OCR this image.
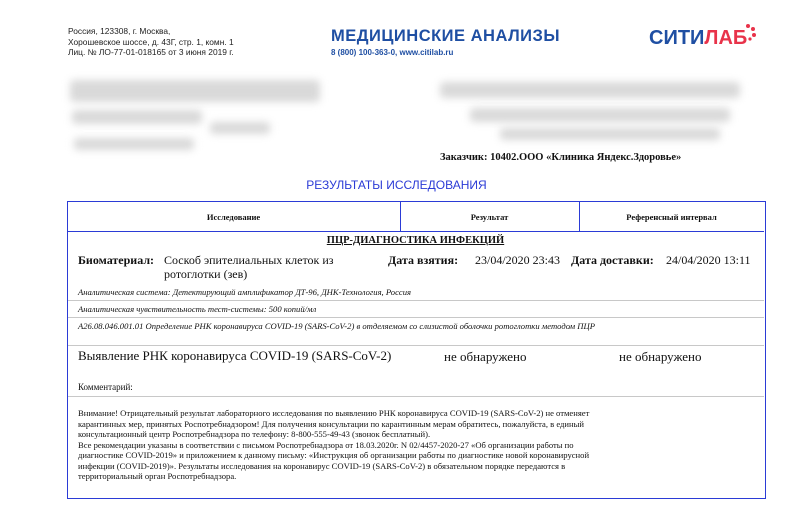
Россия, 123308, г. Москва,
Хорошевское шоссе, д. 43Г, стр. 1, комн. 1
Лиц. № ЛО-77-01-018165 от 3 июня 2019 г.
МЕДИЦИНСКИЕ АНАЛИЗЫ
8 (800) 100-363-0, www.citilab.ru
СИТИЛАБ
Заказчик: 10402.ООО «Клиника Яндекс.Здоровье»
РЕЗУЛЬТАТЫ ИССЛЕДОВАНИЯ
Исследование	Результат	Референсный интервал
ПЦР-ДИАГНОСТИКА ИНФЕКЦИЙ
Биоматериал: Соскоб эпителиальных клеток из ротоглотки (зев)
Дата взятия: 23/04/2020 23:43 Дата доставки: 24/04/2020 13:11
Аналитическая система: Детектирующий амплификатор ДТ-96, ДНК-Технология, Россия
Аналитическая чувствительность тест-системы: 500 копий/мл
A26.08.046.001.01 Определение РНК коронавируса COVID-19 (SARS-CoV-2) в отделяемом со слизистой оболочки ротоглотки методом ПЦР
Выявление РНК коронавируса COVID-19 (SARS-CoV-2)	не обнаружено	не обнаружено
Комментарий:
Внимание! Отрицательный результат лабораторного исследования по выявлению РНК коронавируса COVID-19 (SARS-CoV-2) не отменяет
карантинных мер, принятых Роспотребнадзором! Для получения консультации по карантинным мерам обратитесь, пожалуйста, в единый
консультационный центр Роспотребнадзора по телефону: 8-800-555-49-43 (звонок бесплатный).
Все рекомендации указаны в соответствии с письмом Роспотребнадзора от 18.03.2020г. N 02/4457-2020-27 «Об организации работы по
диагностике COVID-2019» и приложением к данному письму: «Инструкция об организации работы по диагностике новой коронавирусной
инфекции (COVID-2019)». Результаты исследования на коронавирус COVID-19 (SARS-CoV-2) в обязательном порядке передаются в
территориальный орган Роспотребнадзора.
